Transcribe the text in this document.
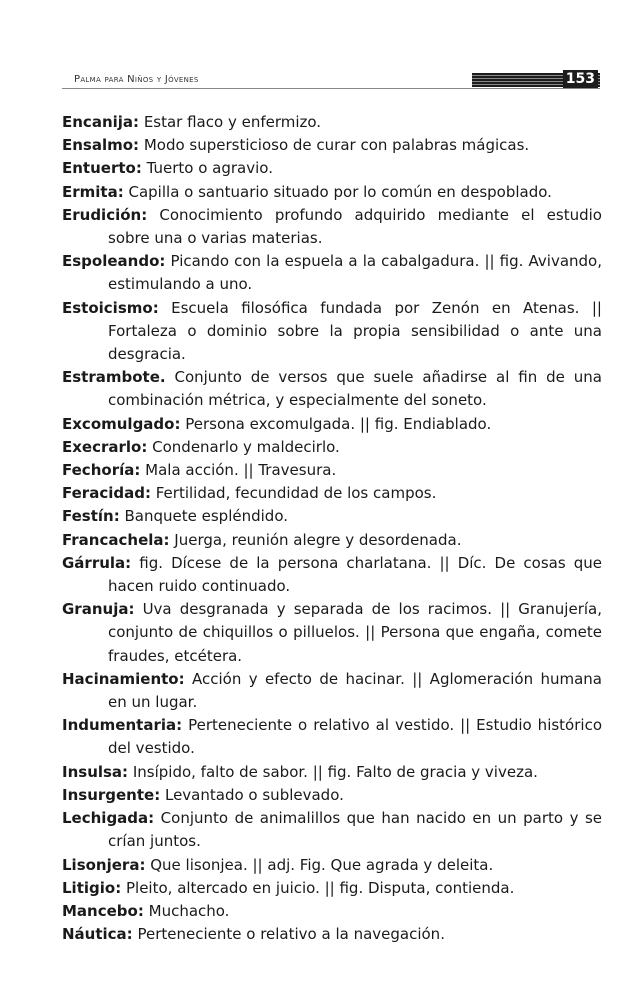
Palma para Niños y Jóvenes	153
Encanija: Estar flaco y enfermizo.
Ensalmo: Modo supersticioso de curar con palabras mágicas.
Entuerto: Tuerto o agravio.
Ermita: Capilla o santuario situado por lo común en despoblado.
Erudición: Conocimiento profundo adquirido mediante el estudio sobre una o varias materias.
Espoleando: Picando con la espuela a la cabalgadura. || fig. Avivando, estimulando a uno.
Estoicismo: Escuela filosófica fundada por Zenón en Atenas. || Fortaleza o dominio sobre la propia sensibilidad o ante una desgracia.
Estrambote. Conjunto de versos que suele añadirse al fin de una combinación métrica, y especialmente del soneto.
Excomulgado: Persona excomulgada. || fig. Endiablado.
Execrarlo: Condenarlo y maldecirlo.
Fechoría: Mala acción. || Travesura.
Feracidad: Fertilidad, fecundidad de los campos.
Festín: Banquete espléndido.
Francachela: Juerga, reunión alegre y desordenada.
Gárrula: fig. Dícese de la persona charlatana. || Díc. De cosas que hacen ruido continuado.
Granuja: Uva desgranada y separada de los racimos. || Granujería, conjunto de chiquillos o pilluelos. || Persona que engaña, comete fraudes, etcétera.
Hacinamiento: Acción y efecto de hacinar. || Aglomeración humana en un lugar.
Indumentaria: Perteneciente o relativo al vestido. || Estudio histórico del vestido.
Insulsa: Insípido, falto de sabor. || fig. Falto de gracia y viveza.
Insurgente: Levantado o sublevado.
Lechigada: Conjunto de animalillos que han nacido en un parto y se crían juntos.
Lisonjera: Que lisonjea. || adj. Fig. Que agrada y deleita.
Litigio: Pleito, altercado en juicio. || fig. Disputa, contienda.
Mancebo: Muchacho.
Náutica: Perteneciente o relativo a la navegación.
